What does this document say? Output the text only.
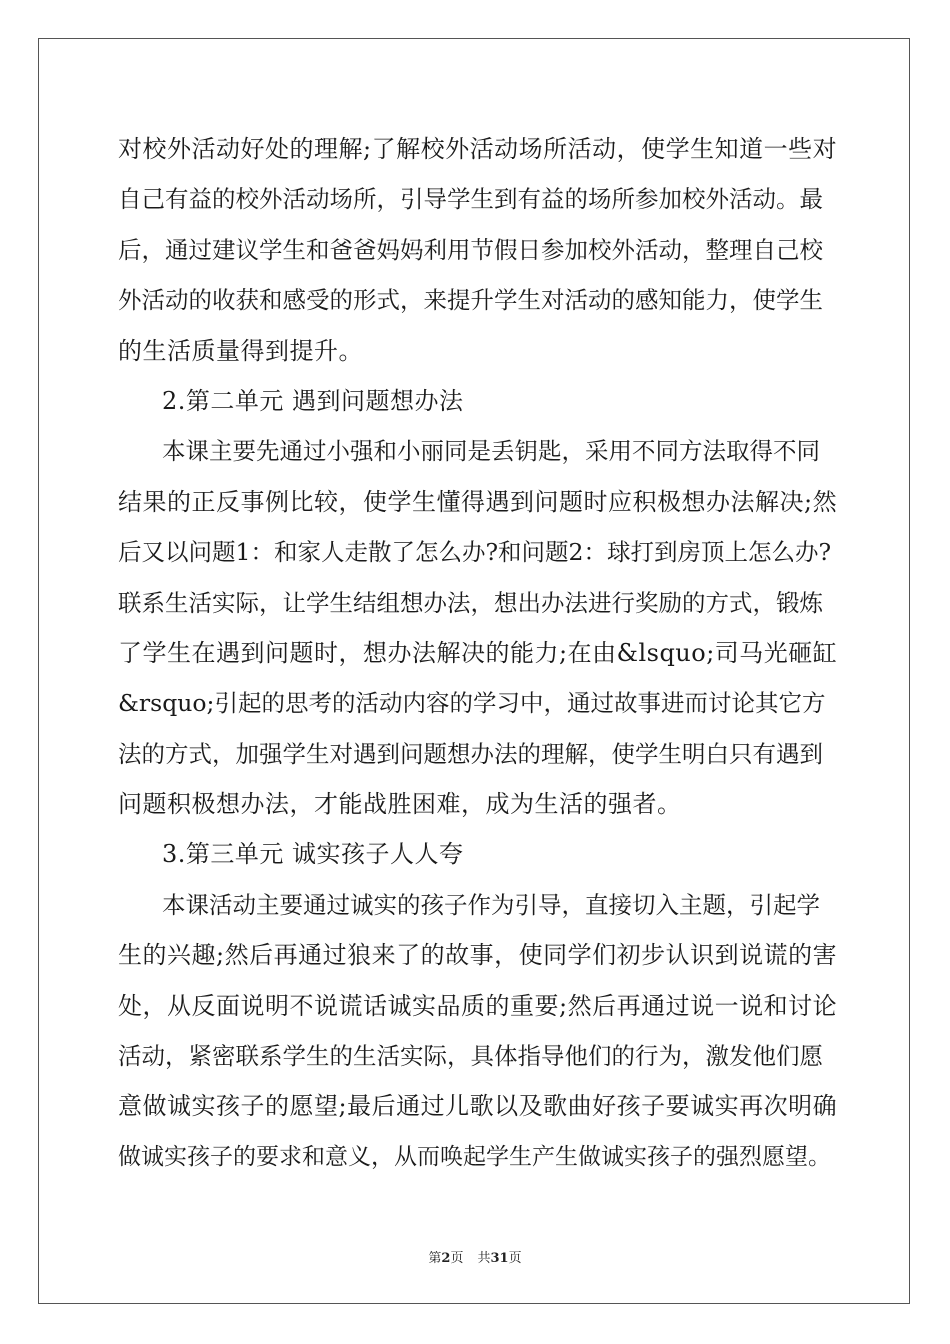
对校外活动好处的理解;了解校外活动场所活动，使学生知道一些对
自己有益的校外活动场所，引导学生到有益的场所参加校外活动。最
后，通过建议学生和爸爸妈妈利用节假日参加校外活动，整理自己校
外活动的收获和感受的形式，来提升学生对活动的感知能力，使学生
的生活质量得到提升。
2.第二单元 遇到问题想办法
本课主要先通过小强和小丽同是丢钥匙，采用不同方法取得不同
结果的正反事例比较，使学生懂得遇到问题时应积极想办法解决;然
后又以问题1：和家人走散了怎么办?和问题2：球打到房顶上怎么办?
联系生活实际，让学生结组想办法，想出办法进行奖励的方式，锻炼
了学生在遇到问题时，想办法解决的能力;在由&lsquo;司马光砸缸
&rsquo;引起的思考的活动内容的学习中，通过故事进而讨论其它方
法的方式，加强学生对遇到问题想办法的理解，使学生明白只有遇到
问题积极想办法，才能战胜困难，成为生活的强者。
3.第三单元 诚实孩子人人夸
本课活动主要通过诚实的孩子作为引导，直接切入主题，引起学
生的兴趣;然后再通过狼来了的故事，使同学们初步认识到说谎的害
处，从反面说明不说谎话诚实品质的重要;然后再通过说一说和讨论
活动，紧密联系学生的生活实际，具体指导他们的行为，激发他们愿
意做诚实孩子的愿望;最后通过儿歌以及歌曲好孩子要诚实再次明确
做诚实孩子的要求和意义，从而唤起学生产生做诚实孩子的强烈愿望。
第2页 共31页
